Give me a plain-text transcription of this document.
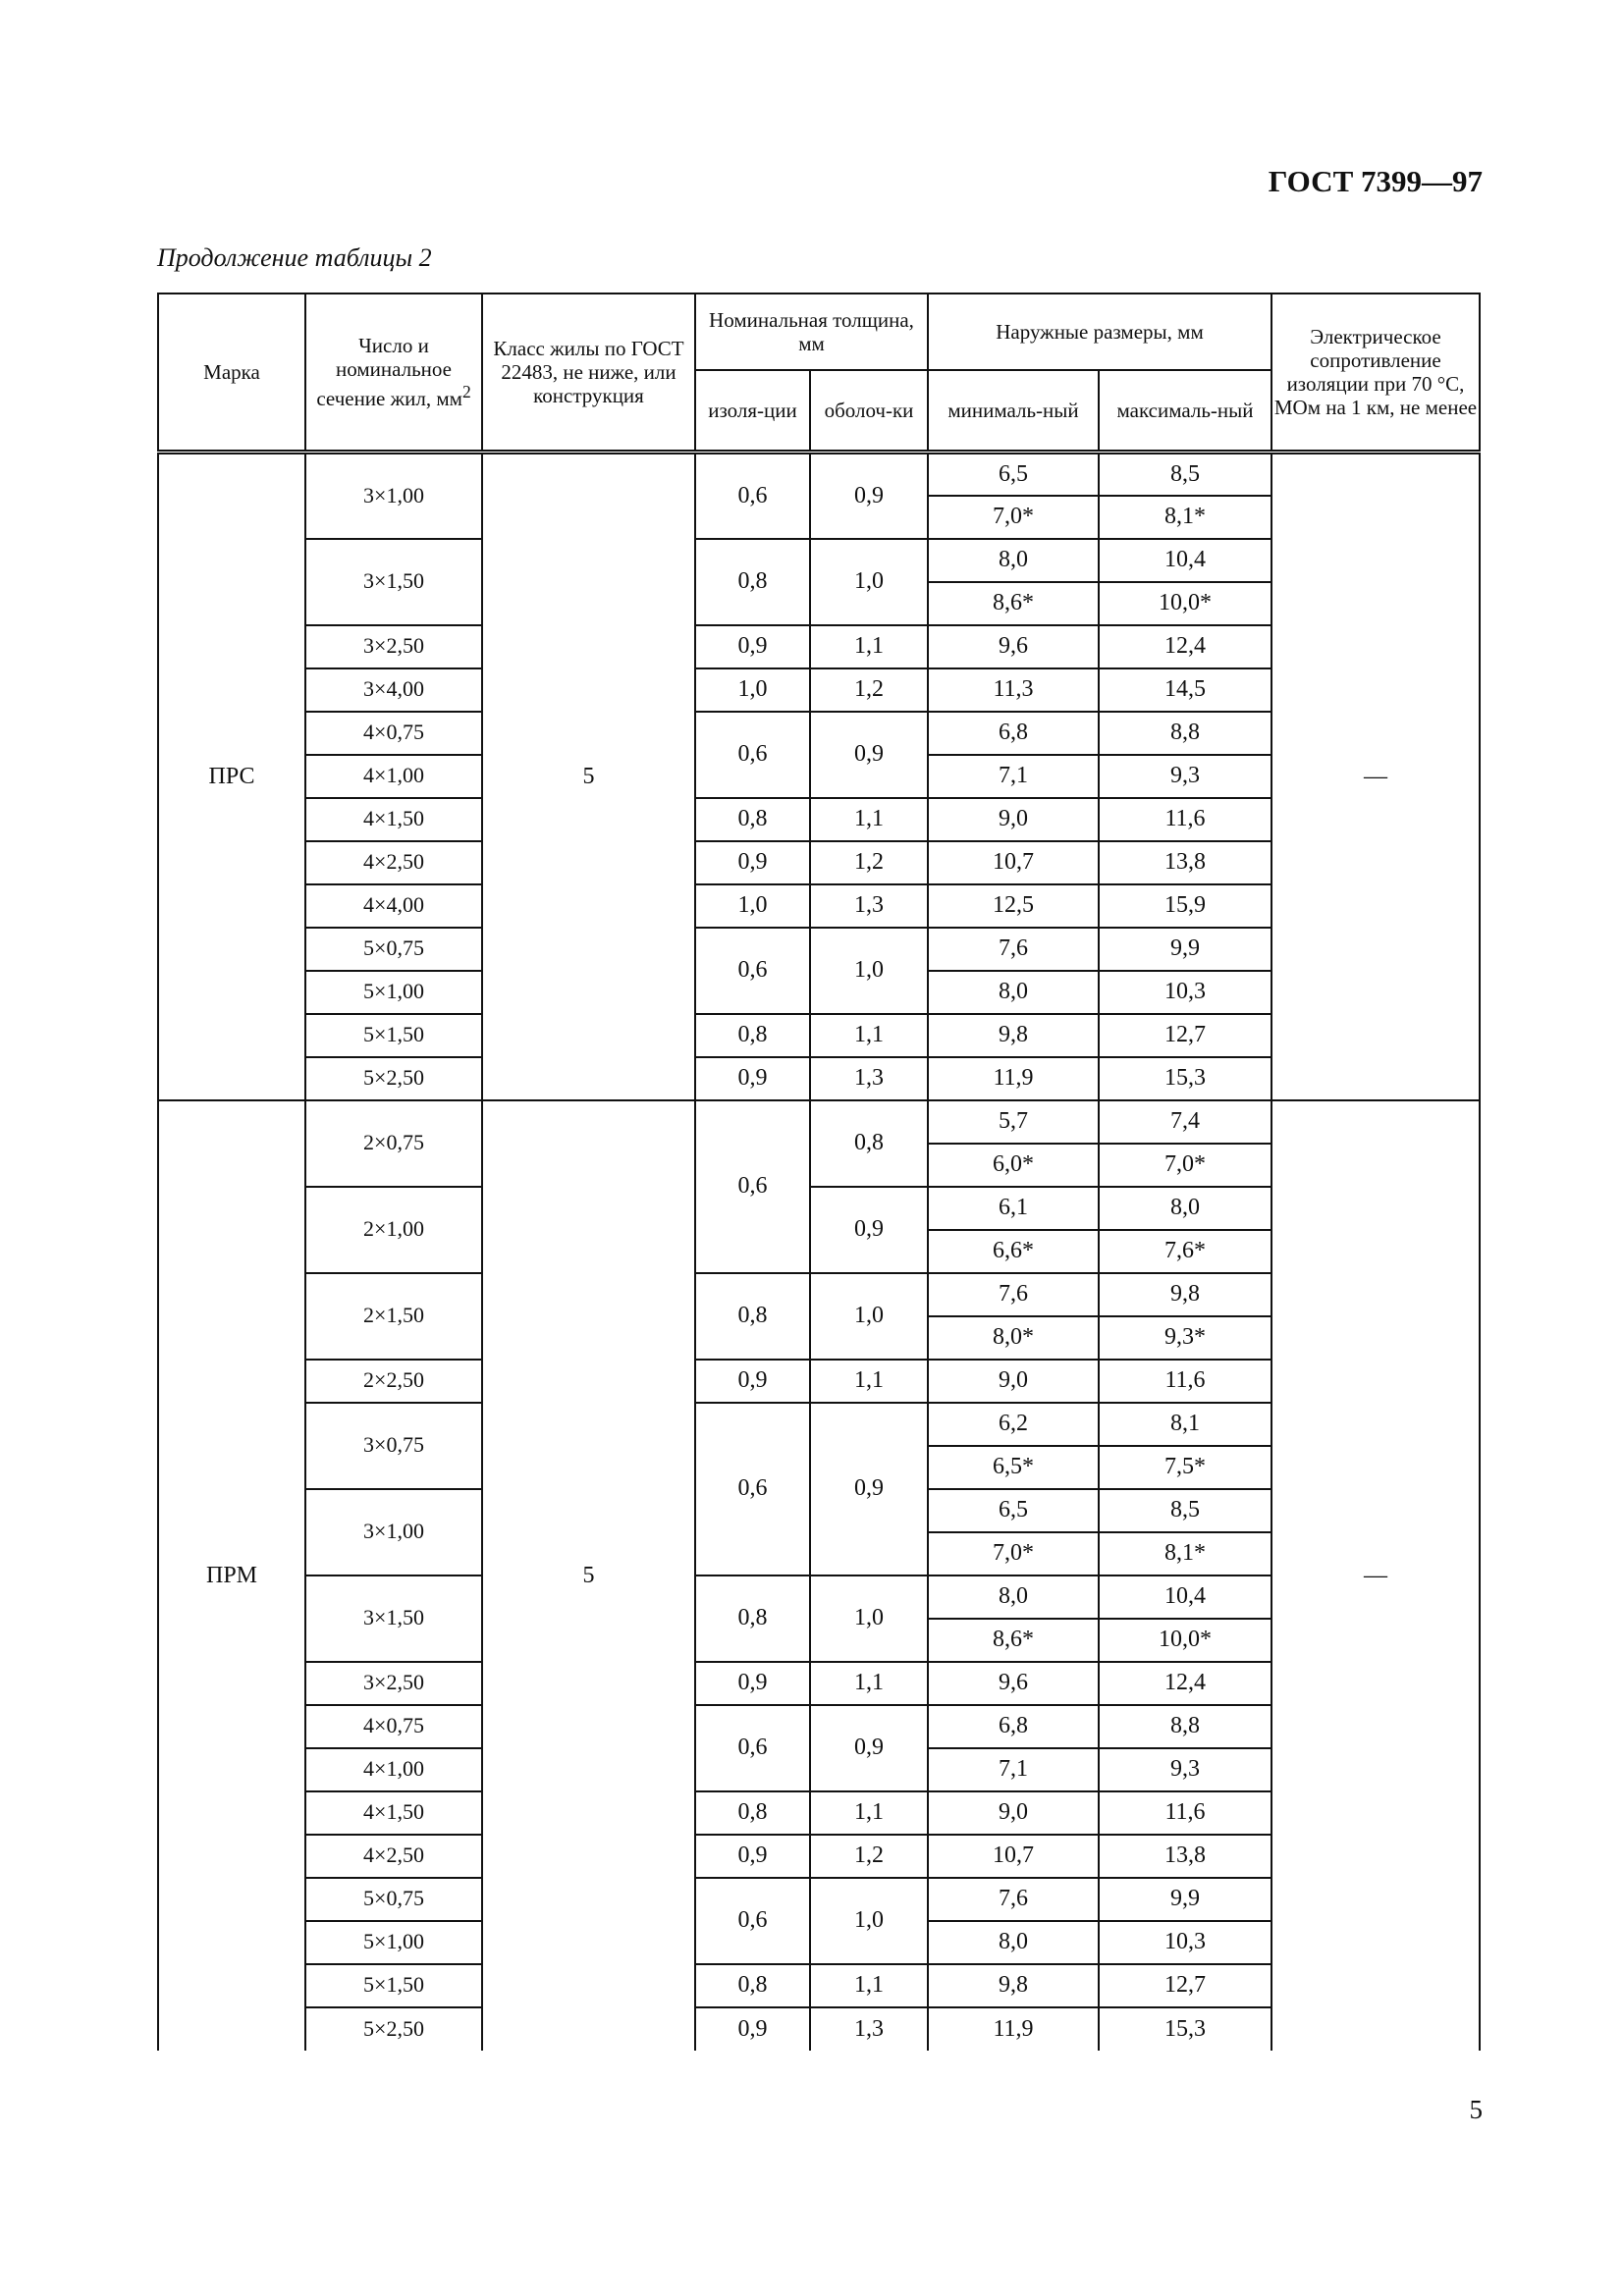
ГОСТ 7399—97
Продолжение таблицы 2
Марка	Число и номинальное сечение жил, $мм^2$	Класс жилы по ГОСТ 22483, не ниже, или конструкция	Номинальная толщина, мм		Наружные размеры, мм		Электрическое сопротивление изоляции при 70 °С, МОм на 1 км, не менее
			изоля-ции	оболоч-ки	минималь-ный	максималь-ный	
ПРС	3×1,00	5	0,6	0,9	6,5	8,5	—
					7,0*	8,1*	
	3×1,50		0,8	1,0	8,0	10,4	
					8,6*	10,0*	
	3×2,50		0,9	1,1	9,6	12,4	
	3×4,00		1,0	1,2	11,3	14,5	
	4×0,75		0,6	0,9	6,8	8,8	
	4×1,00				7,1	9,3	
	4×1,50		0,8	1,1	9,0	11,6	
	4×2,50		0,9	1,2	10,7	13,8	
	4×4,00		1,0	1,3	12,5	15,9	
	5×0,75		0,6	1,0	7,6	9,9	
	5×1,00				8,0	10,3	
	5×1,50		0,8	1,1	9,8	12,7	
	5×2,50		0,9	1,3	11,9	15,3	
ПРМ	2×0,75	5	0,6	0,8	5,7	7,4	—
					6,0*	7,0*	
	2×1,00			0,9	6,1	8,0	
					6,6*	7,6*	
	2×1,50		0,8	1,0	7,6	9,8	
					8,0*	9,3*	
	2×2,50		0,9	1,1	9,0	11,6	
	3×0,75		0,6	0,9	6,2	8,1	
					6,5*	7,5*	
	3×1,00				6,5	8,5	
					7,0*	8,1*	
	3×1,50		0,8	1,0	8,0	10,4	
					8,6*	10,0*	
	3×2,50		0,9	1,1	9,6	12,4	
	4×0,75		0,6	0,9	6,8	8,8	
	4×1,00				7,1	9,3	
	4×1,50		0,8	1,1	9,0	11,6	
	4×2,50		0,9	1,2	10,7	13,8	
	5×0,75		0,6	1,0	7,6	9,9	
	5×1,00				8,0	10,3	
	5×1,50		0,8	1,1	9,8	12,7	
	5×2,50		0,9	1,3	11,9	15,3	
5
